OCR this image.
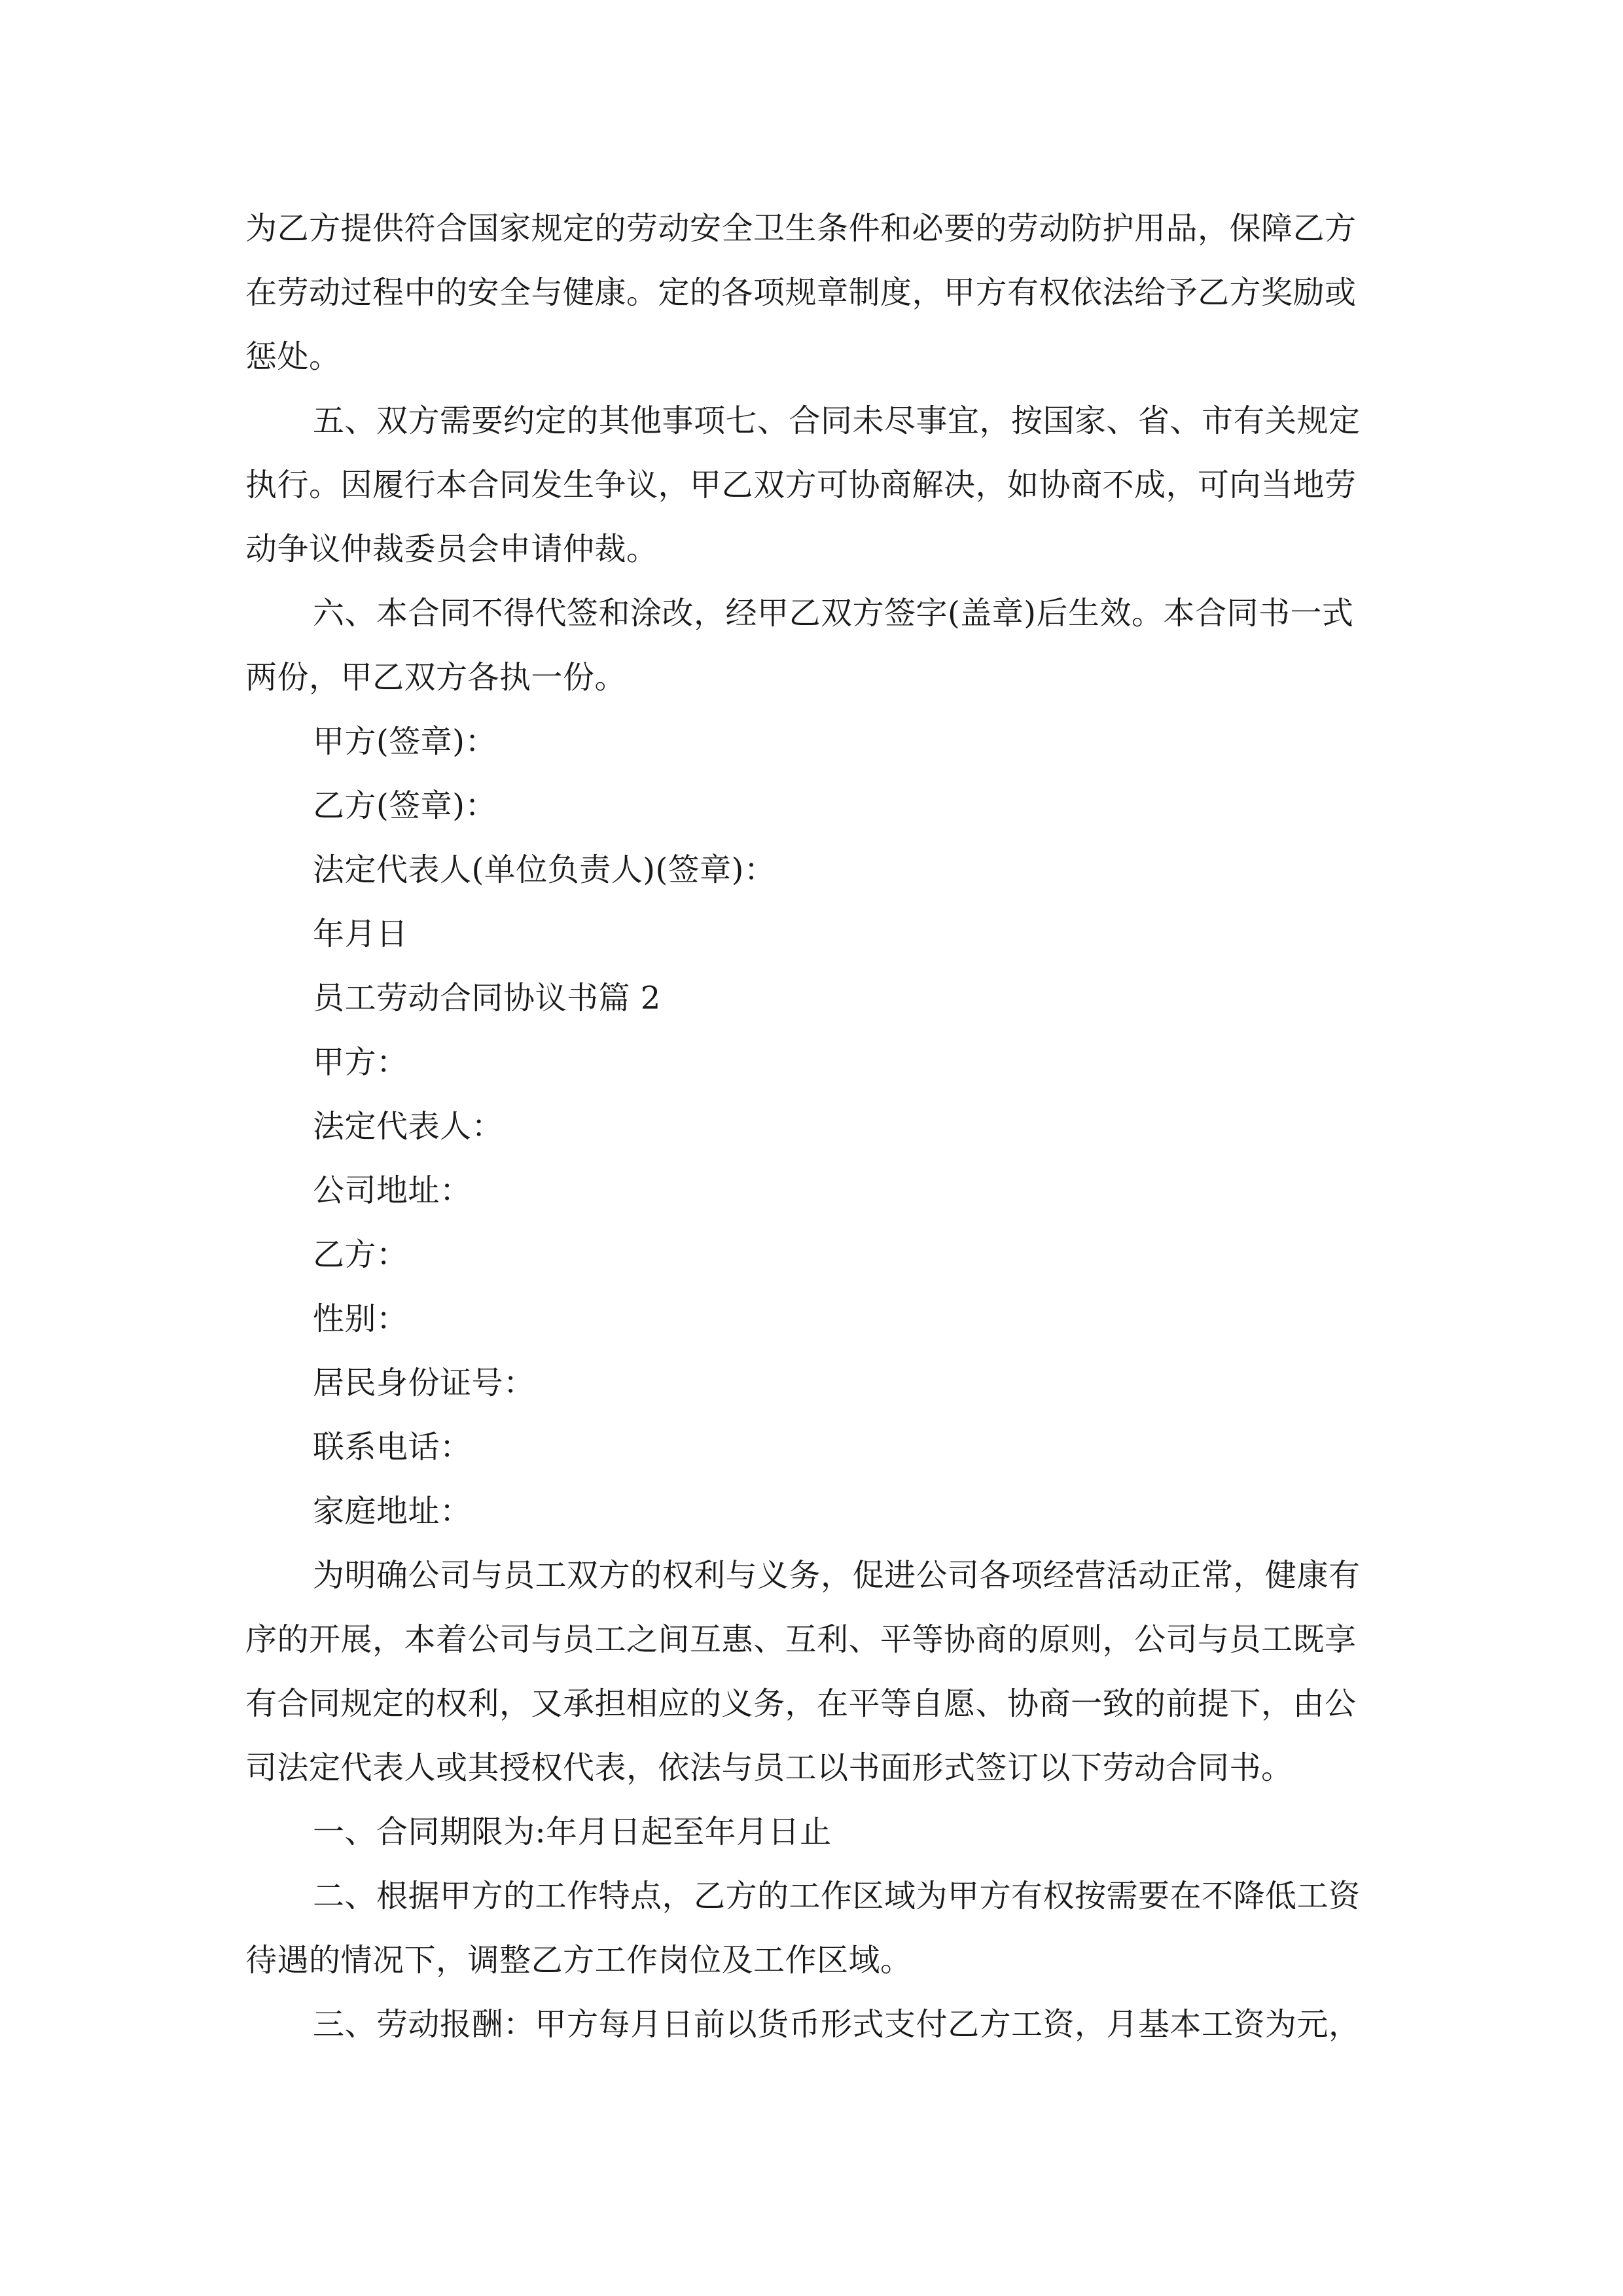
为乙方提供符合国家规定的劳动安全卫生条件和必要的劳动防护用品，保障乙方
在劳动过程中的安全与健康。定的各项规章制度，甲方有权依法给予乙方奖励或
惩处。
五、双方需要约定的其他事项七、合同未尽事宜，按国家、省、市有关规定
执行。因履行本合同发生争议，甲乙双方可协商解决，如协商不成，可向当地劳
动争议仲裁委员会申请仲裁。
六、本合同不得代签和涂改，经甲乙双方签字(盖章)后生效。本合同书一式
两份，甲乙双方各执一份。
甲方(签章)：
乙方(签章)：
法定代表人(单位负责人)(签章)：
年月日
员工劳动合同协议书篇 2
甲方：
法定代表人：
公司地址：
乙方：
性别：
居民身份证号：
联系电话：
家庭地址：
为明确公司与员工双方的权利与义务，促进公司各项经营活动正常，健康有
序的开展，本着公司与员工之间互惠、互利、平等协商的原则，公司与员工既享
有合同规定的权利，又承担相应的义务，在平等自愿、协商一致的前提下，由公
司法定代表人或其授权代表，依法与员工以书面形式签订以下劳动合同书。
一、合同期限为:年月日起至年月日止
二、根据甲方的工作特点，乙方的工作区域为甲方有权按需要在不降低工资
待遇的情况下，调整乙方工作岗位及工作区域。
三、劳动报酬：甲方每月日前以货币形式支付乙方工资，月基本工资为元，
